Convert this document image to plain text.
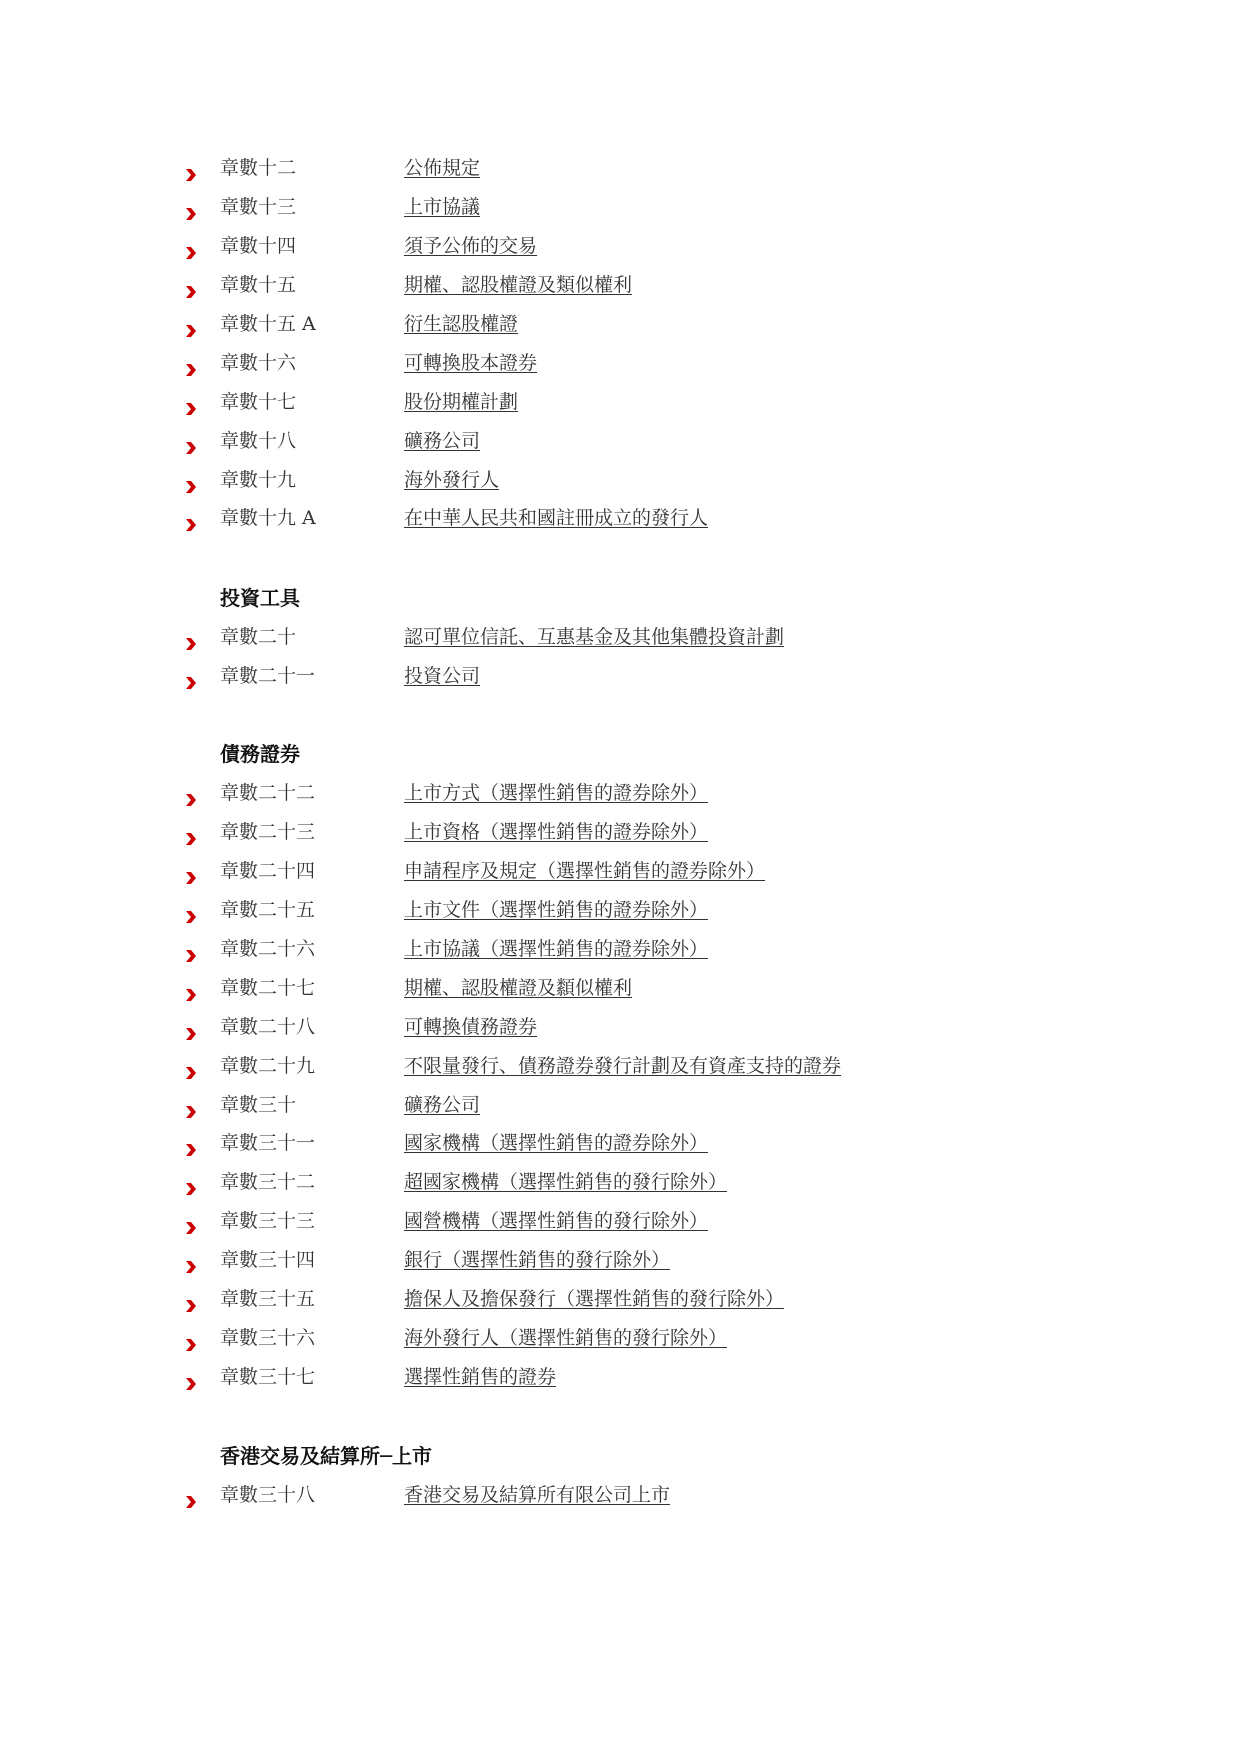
章數十二	公佈規定
章數十三	上市協議
章數十四	須予公佈的交易
章數十五	期權、認股權證及類似權利
章數十五 A	衍生認股權證
章數十六	可轉換股本證券
章數十七	股份期權計劃
章數十八	礦務公司
章數十九	海外發行人
章數十九 A	在中華人民共和國註冊成立的發行人
投資工具
章數二十	認可單位信託、互惠基金及其他集體投資計劃
章數二十一	投資公司
債務證券
章數二十二	上市方式（選擇性銷售的證券除外）
章數二十三	上市資格（選擇性銷售的證券除外）
章數二十四	申請程序及規定（選擇性銷售的證券除外）
章數二十五	上市文件（選擇性銷售的證券除外）
章數二十六	上市協議（選擇性銷售的證券除外）
章數二十七	期權、認股權證及纇似權利
章數二十八	可轉換債務證券
章數二十九	不限量發行、債務證券發行計劃及有資產支持的證券
章數三十	礦務公司
章數三十一	國家機構（選擇性銷售的證券除外）
章數三十二	超國家機構（選擇性銷售的發行除外）
章數三十三	國營機構（選擇性銷售的發行除外）
章數三十四	銀行（選擇性銷售的發行除外）
章數三十五	擔保人及擔保發行（選擇性銷售的發行除外）
章數三十六	海外發行人（選擇性銷售的發行除外）
章數三十七	選擇性銷售的證券
香港交易及結算所─上市
章數三十八	香港交易及結算所有限公司上市
